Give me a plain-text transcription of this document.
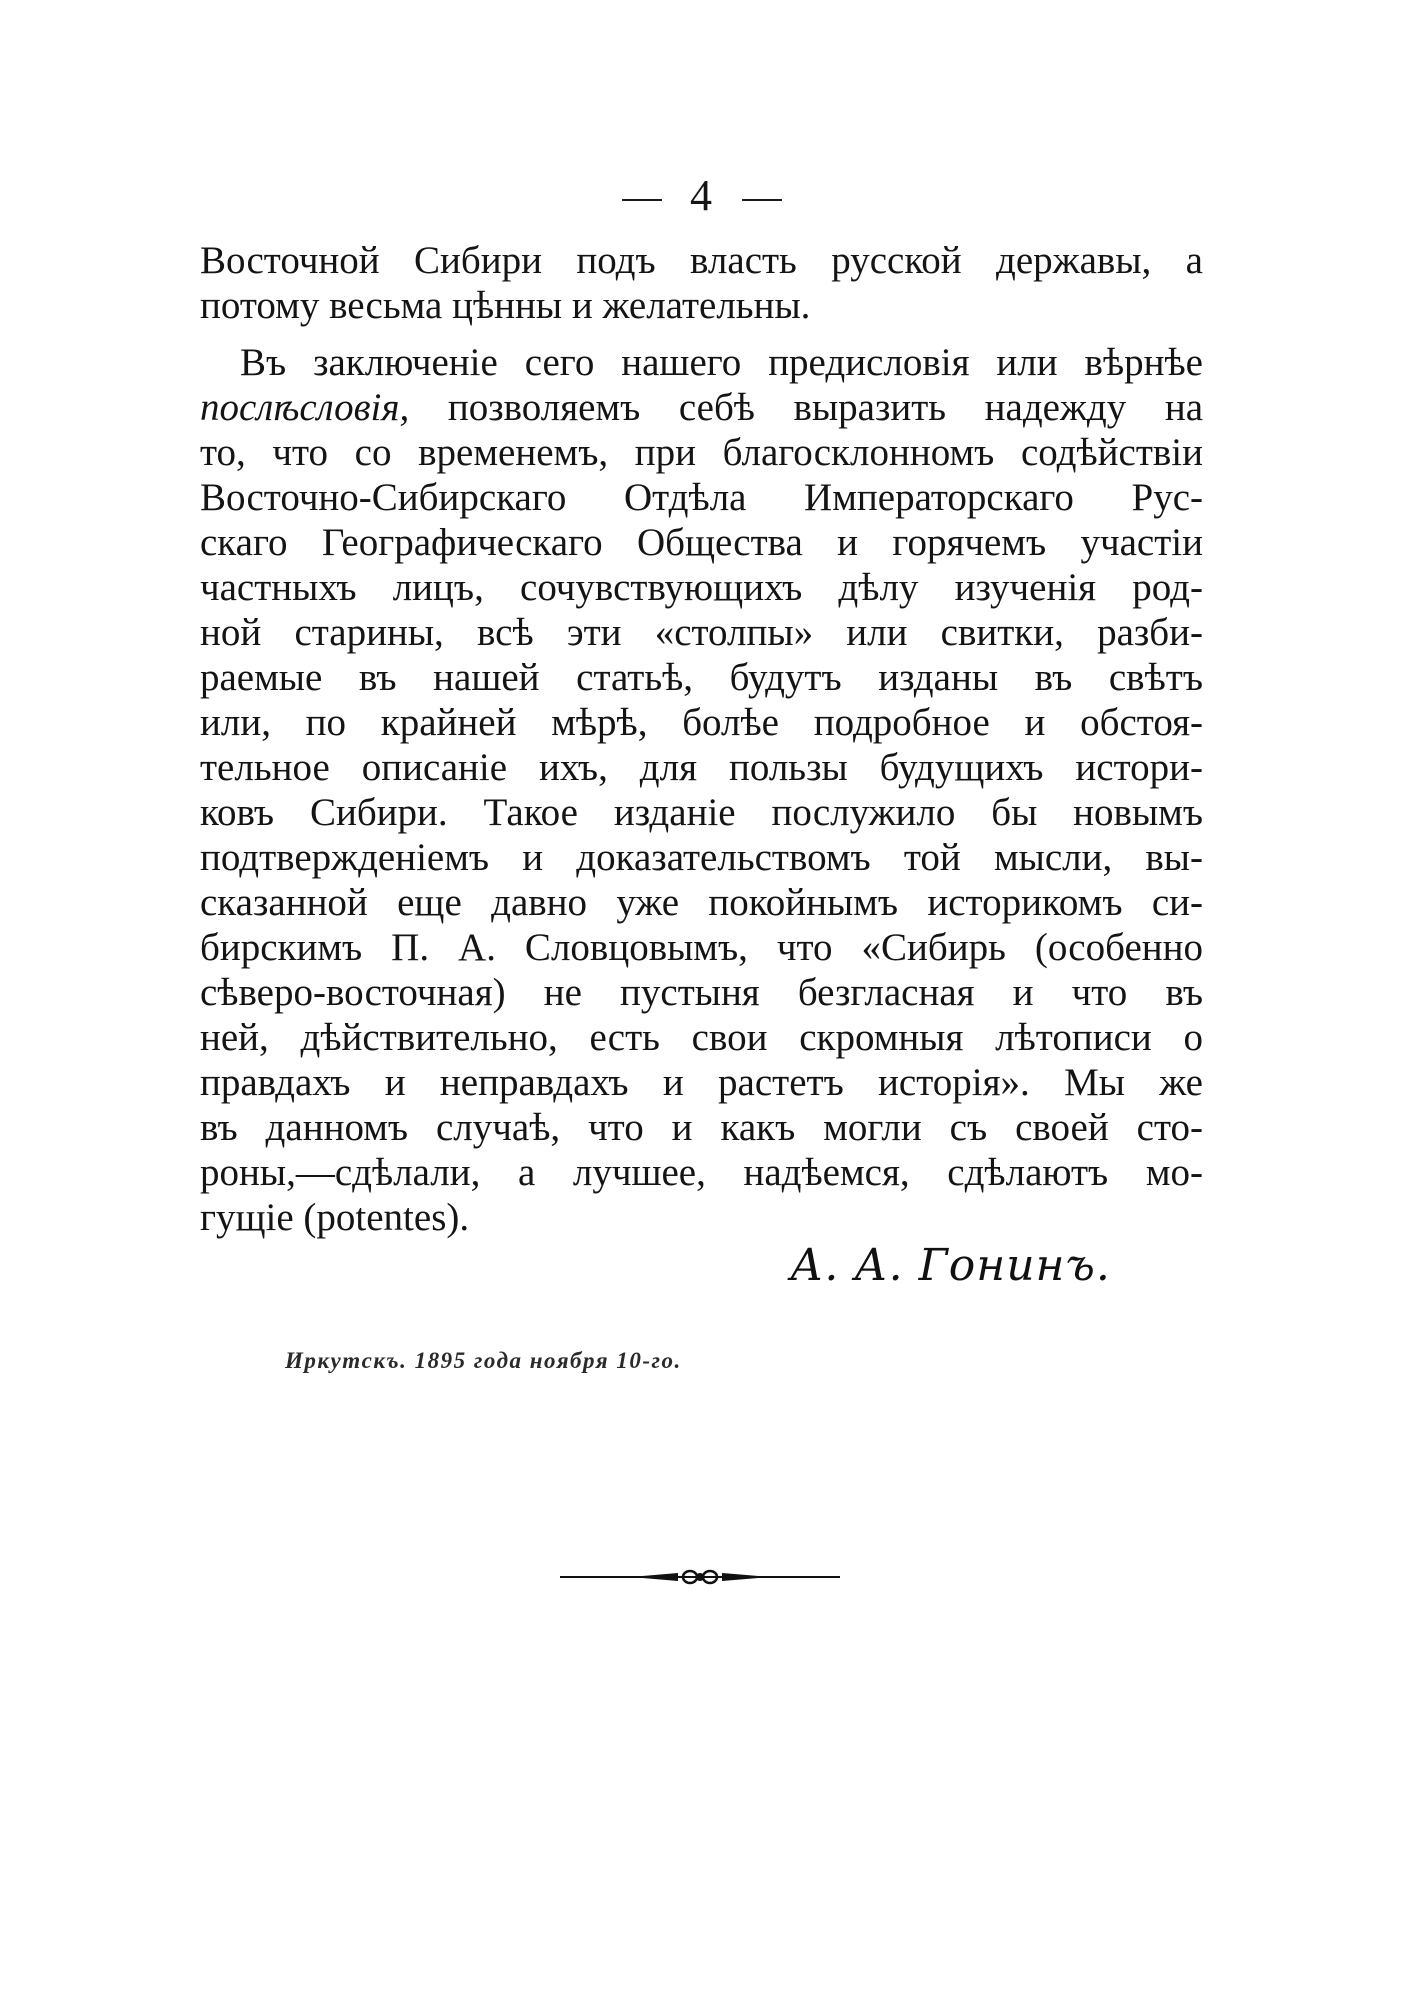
4
Восточной Сибири подъ власть русской державы, а
потому весьма цѣнны и желательны.
Въ заключеніе сего нашего предисловія или вѣрнѣе
послѣсловія, позволяемъ себѣ выразить надежду на
то, что со временемъ, при благосклонномъ содѣйствіи
Восточно-Сибирскаго Отдѣла Императорскаго Рус-
скаго Географическаго Общества и горячемъ участіи
частныхъ лицъ, сочувствующихъ дѣлу изученія род-
ной старины, всѣ эти «столпы» или свитки, разби-
раемые въ нашей статьѣ, будутъ изданы въ свѣтъ
или, по крайней мѣрѣ, болѣе подробное и обстоя-
тельное описаніе ихъ, для пользы будущихъ истори-
ковъ Сибири. Такое изданіе послужило бы новымъ
подтвержденіемъ и доказательствомъ той мысли, вы-
сказанной еще давно уже покойнымъ историкомъ си-
бирскимъ П. А. Словцовымъ, что «Сибирь (особенно
сѣверо-восточная) не пустыня безгласная и что въ
ней, дѣйствительно, есть свои скромныя лѣтописи о
правдахъ и неправдахъ и растетъ исторія». Мы же
въ данномъ случаѣ, что и какъ могли съ своей сто-
роны,—сдѣлали, а лучшее, надѣемся, сдѣлаютъ мо-
гущіе (potentes).
А. А. Гонинъ.
Иркутскъ. 1895 года ноября 10-го.
